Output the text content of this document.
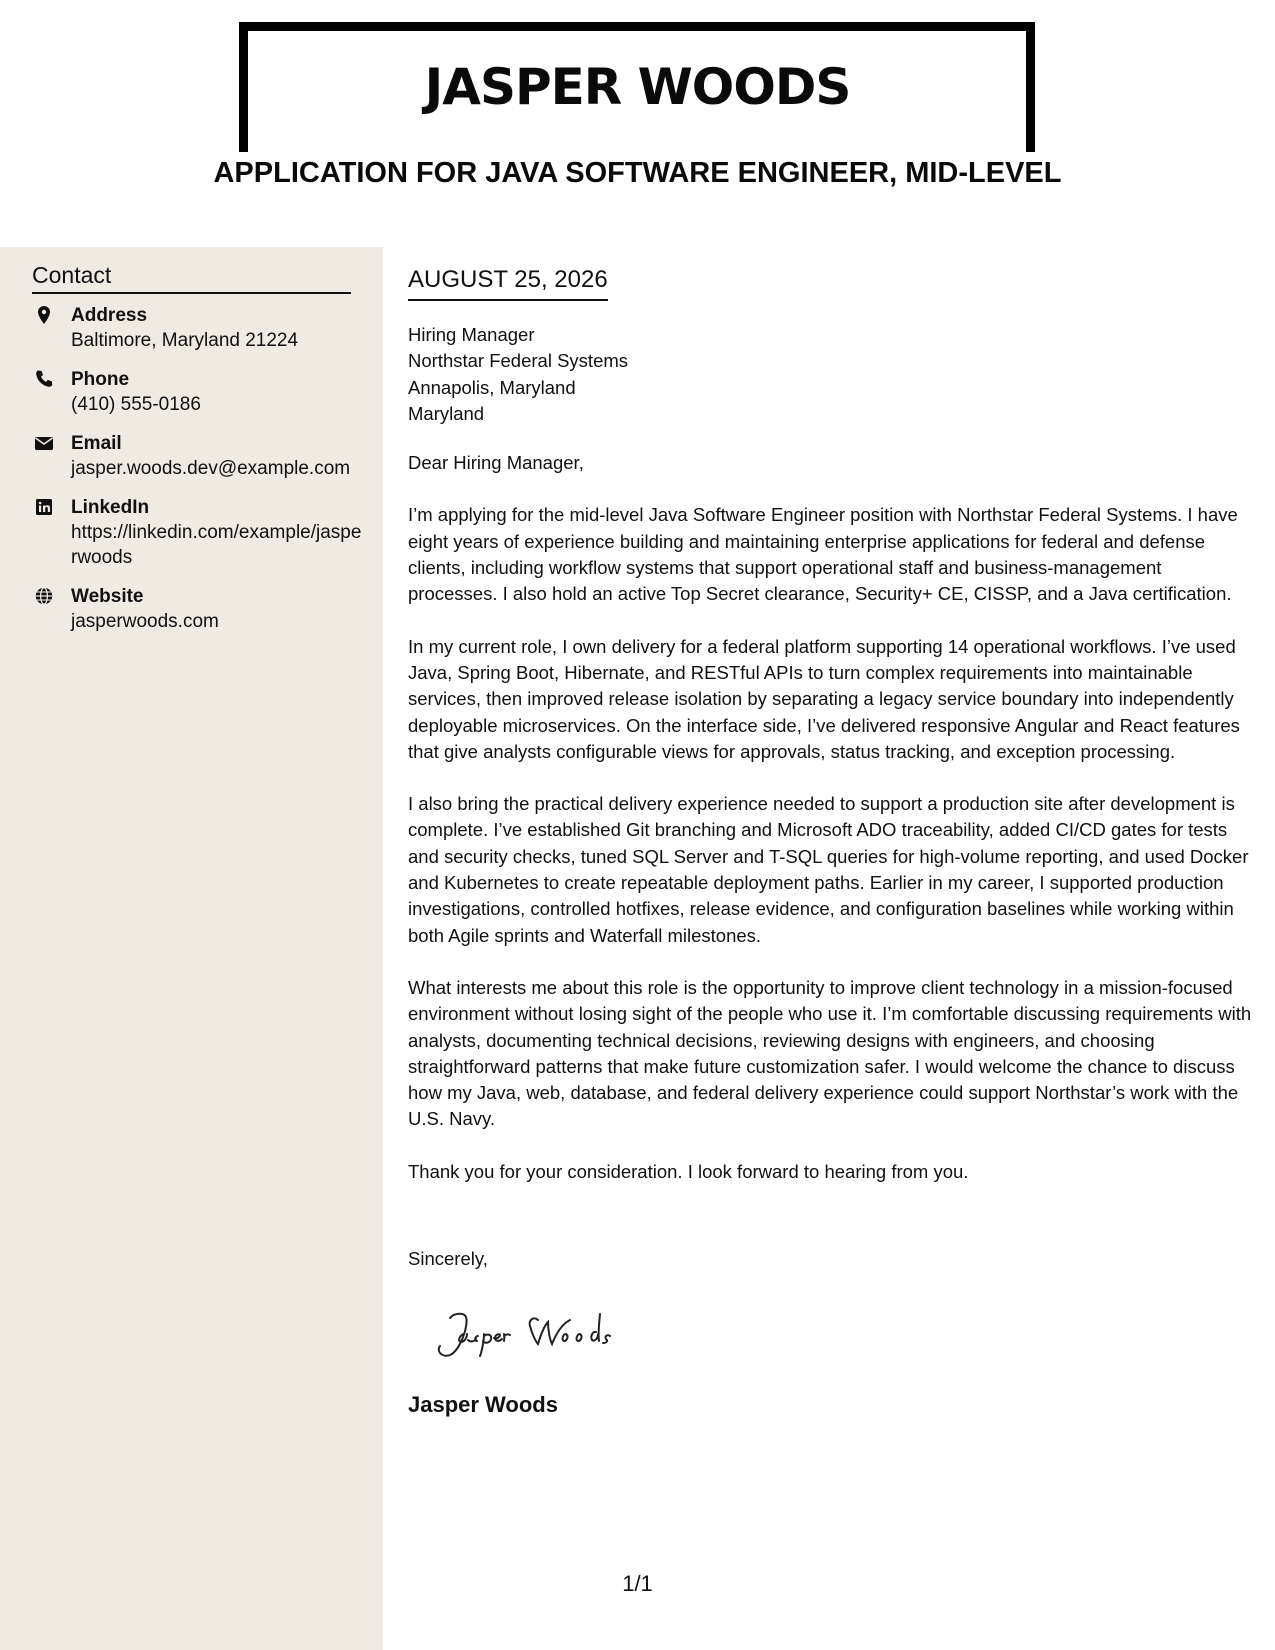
JASPER WOODS
APPLICATION FOR JAVA SOFTWARE ENGINEER, MID-LEVEL
Contact
Address
Baltimore, Maryland 21224
Phone
(410) 555-0186
Email
jasper.woods.dev@example.com
LinkedIn
https://linkedin.com/example/jasperwoods
Website
jasperwoods.com
AUGUST 25, 2026
Hiring Manager
Northstar Federal Systems
Annapolis, Maryland
Maryland

Dear Hiring Manager,

I’m applying for the mid-level Java Software Engineer position with Northstar Federal Systems. I have eight years of experience building and maintaining enterprise applications for federal and defense clients, including workflow systems that support operational staff and business-management processes. I also hold an active Top Secret clearance, Security+ CE, CISSP, and a Java certification.

In my current role, I own delivery for a federal platform supporting 14 operational workflows. I’ve used Java, Spring Boot, Hibernate, and RESTful APIs to turn complex requirements into maintainable services, then improved release isolation by separating a legacy service boundary into independently deployable microservices. On the interface side, I’ve delivered responsive Angular and React features that give analysts configurable views for approvals, status tracking, and exception processing.

I also bring the practical delivery experience needed to support a production site after development is complete. I’ve established Git branching and Microsoft ADO traceability, added CI/CD gates for tests and security checks, tuned SQL Server and T-SQL queries for high-volume reporting, and used Docker and Kubernetes to create repeatable deployment paths. Earlier in my career, I supported production investigations, controlled hotfixes, release evidence, and configuration baselines while working within both Agile sprints and Waterfall milestones.

What interests me about this role is the opportunity to improve client technology in a mission-focused environment without losing sight of the people who use it. I’m comfortable discussing requirements with analysts, documenting technical decisions, reviewing designs with engineers, and choosing straightforward patterns that make future customization safer. I would welcome the chance to discuss how my Java, web, database, and federal delivery experience could support Northstar’s work with the U.S. Navy.

Thank you for your consideration. I look forward to hearing from you.

Sincerely,

Jasper Woods

1/1
